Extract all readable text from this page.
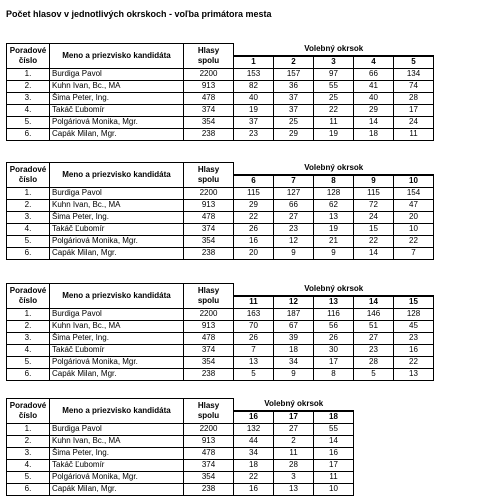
Počet hlasov v jednotlivých okrskoch - voľba primátora mesta
Poradové
číslo	Meno a priezvisko kandidáta	Hlasy
spolu	Volebný okrsok				
			1	2	3	4	5
1.	Burdiga Pavol	2200	153	157	97	66	134
2.	Kuhn Ivan, Bc., MA	913	82	36	55	41	74
3.	Šima Peter, Ing.	478	40	37	25	40	28
4.	Takáč Ľubomír	374	19	37	22	29	17
5.	Polgáriová Monika, Mgr.	354	37	25	11	14	24
6.	Capák Milan, Mgr.	238	23	29	19	18	11
Poradové
číslo	Meno a priezvisko kandidáta	Hlasy
spolu	Volebný okrsok				
			6	7	8	9	10
1.	Burdiga Pavol	2200	115	127	128	115	154
2.	Kuhn Ivan, Bc., MA	913	29	66	62	72	47
3.	Šima Peter, Ing.	478	22	27	13	24	20
4.	Takáč Ľubomír	374	26	23	19	15	10
5.	Polgáriová Monika, Mgr.	354	16	12	21	22	22
6.	Capák Milan, Mgr.	238	20	9	9	14	7
Poradové
číslo	Meno a priezvisko kandidáta	Hlasy
spolu	Volebný okrsok				
			11	12	13	14	15
1.	Burdiga Pavol	2200	163	187	116	146	128
2.	Kuhn Ivan, Bc., MA	913	70	67	56	51	45
3.	Šima Peter, Ing.	478	26	39	26	27	23
4.	Takáč Ľubomír	374	7	18	30	23	16
5.	Polgáriová Monika, Mgr.	354	13	34	17	28	22
6.	Capák Milan, Mgr.	238	5	9	8	5	13
Poradové
číslo	Meno a priezvisko kandidáta	Hlasy
spolu	Volebný okrsok		
			16	17	18
1.	Burdiga Pavol	2200	132	27	55
2.	Kuhn Ivan, Bc., MA	913	44	2	14
3.	Šima Peter, Ing.	478	34	11	16
4.	Takáč Ľubomír	374	18	28	17
5.	Polgáriová Monika, Mgr.	354	22	3	11
6.	Capák Milan, Mgr.	238	16	13	10
